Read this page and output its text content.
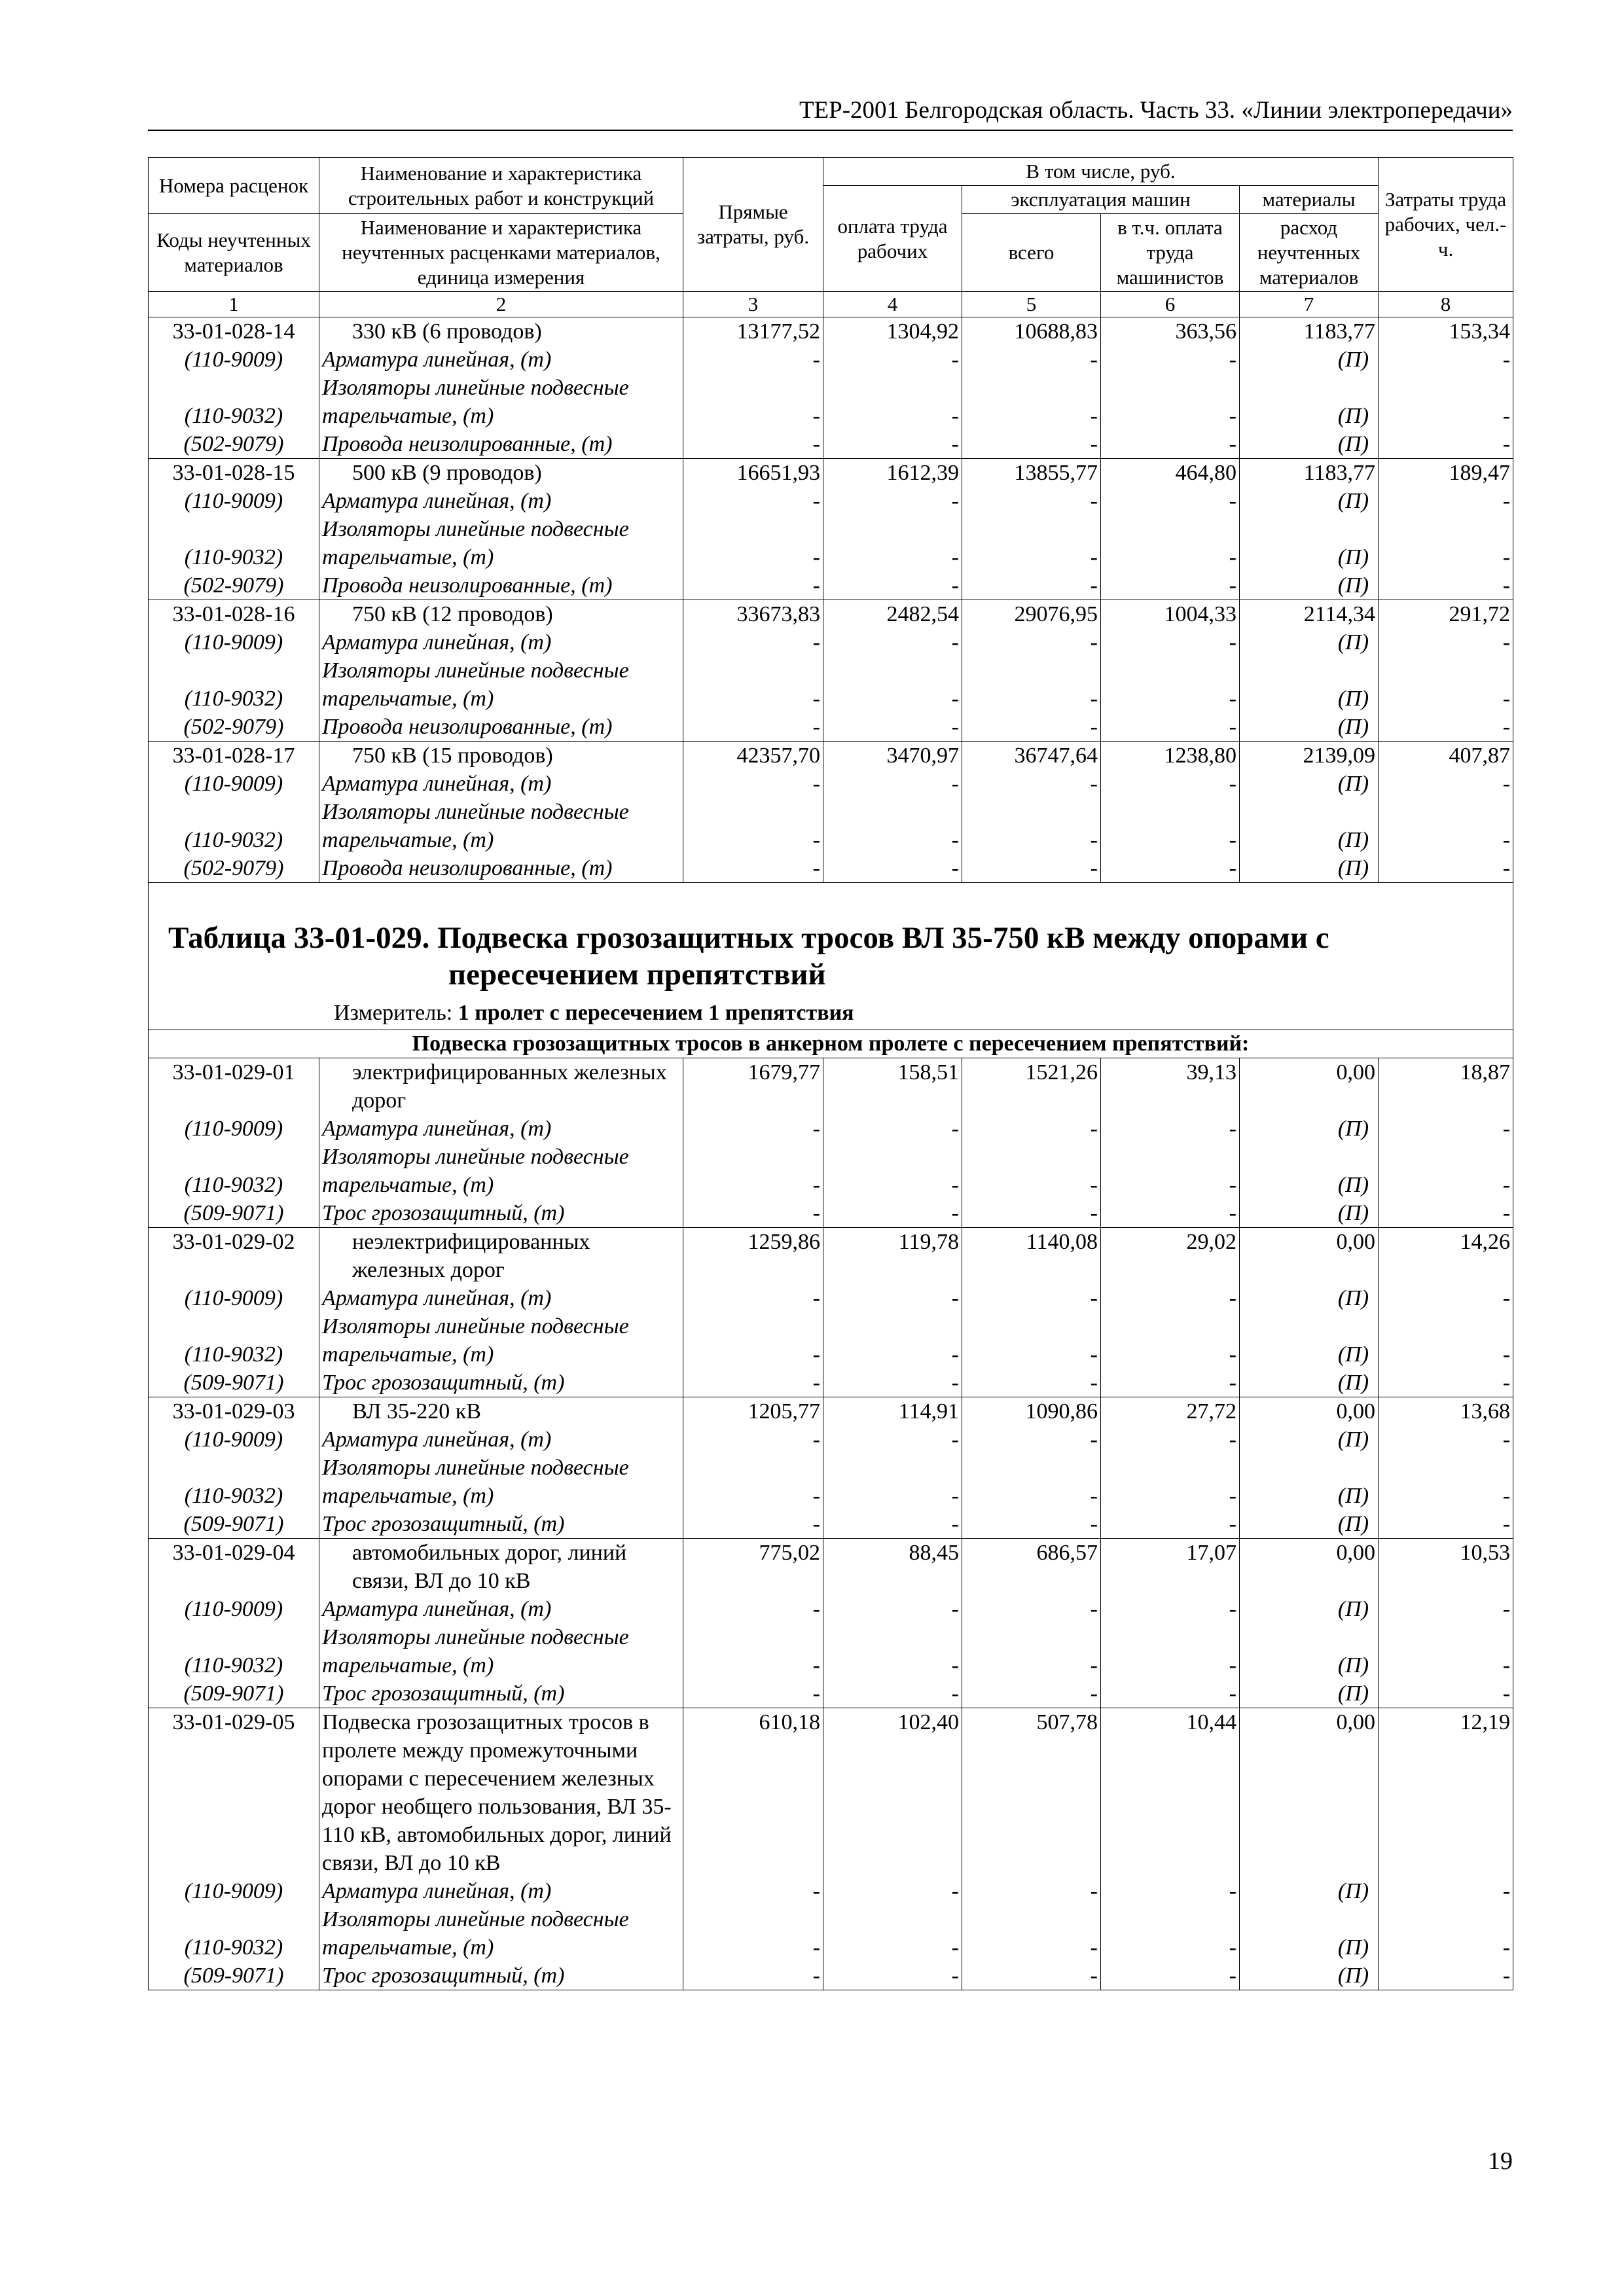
ТЕР-2001 Белгородская область. Часть 33. «Линии электропередачи»
Номера расценок	Наименование и характеристика строительных работ и конструкций	Прямые затраты, руб.	В том числе, руб.				Затраты труда рабочих, чел.-ч.
			оплата труда рабочих	эксплуатация машин		материалы	
Коды неучтенных материалов	Наименование и характеристика неучтенных расценками материалов, единица измерения			всего	в т.ч. оплата труда машинистов	расход неучтенных материалов	

1	2	3	4	5	6	7	8
33-01-028-14	330 кВ (6 проводов)	13177,52	1304,92	10688,83	363,56	1183,77	153,34
(110-9009)	Арматура линейная, (т)	-	-	-	-	(П)	-
(110-9032)	Изоляторы линейные подвесные тарельчатые, (т)	-	-	-	-	(П)	-
(502-9079)	Провода неизолированные, (т)	-	-	-	-	(П)	-
33-01-028-15	500 кВ (9 проводов)	16651,93	1612,39	13855,77	464,80	1183,77	189,47
(110-9009)	Арматура линейная, (т)	-	-	-	-	(П)	-
(110-9032)	Изоляторы линейные подвесные тарельчатые, (т)	-	-	-	-	(П)	-
(502-9079)	Провода неизолированные, (т)	-	-	-	-	(П)	-
33-01-028-16	750 кВ (12 проводов)	33673,83	2482,54	29076,95	1004,33	2114,34	291,72
(110-9009)	Арматура линейная, (т)	-	-	-	-	(П)	-
(110-9032)	Изоляторы линейные подвесные тарельчатые, (т)	-	-	-	-	(П)	-
(502-9079)	Провода неизолированные, (т)	-	-	-	-	(П)	-
33-01-028-17	750 кВ (15 проводов)	42357,70	3470,97	36747,64	1238,80	2139,09	407,87
(110-9009)	Арматура линейная, (т)	-	-	-	-	(П)	-
(110-9032)	Изоляторы линейные подвесные тарельчатые, (т)	-	-	-	-	(П)	-
(502-9079)	Провода неизолированные, (т)	-	-	-	-	(П)	-

Таблица 33-01-029. Подвеска грозозащитных тросов ВЛ 35-750 кВ между опорами с
пересечением препятствий
Измеритель: 1 пролет с пересечением 1 препятствия							

Подвеска грозозащитных тросов в анкерном пролете с пересечением препятствий:							
33-01-029-01	электрифицированных железных дорог	1679,77	158,51	1521,26	39,13	0,00	18,87
(110-9009)	Арматура линейная, (т)	-	-	-	-	(П)	-
(110-9032)	Изоляторы линейные подвесные тарельчатые, (т)	-	-	-	-	(П)	-
(509-9071)	Трос грозозащитный, (т)	-	-	-	-	(П)	-
33-01-029-02	неэлектрифицированных железных дорог	1259,86	119,78	1140,08	29,02	0,00	14,26
(110-9009)	Арматура линейная, (т)	-	-	-	-	(П)	-
(110-9032)	Изоляторы линейные подвесные тарельчатые, (т)	-	-	-	-	(П)	-
(509-9071)	Трос грозозащитный, (т)	-	-	-	-	(П)	-
33-01-029-03	ВЛ 35-220 кВ	1205,77	114,91	1090,86	27,72	0,00	13,68
(110-9009)	Арматура линейная, (т)	-	-	-	-	(П)	-
(110-9032)	Изоляторы линейные подвесные тарельчатые, (т)	-	-	-	-	(П)	-
(509-9071)	Трос грозозащитный, (т)	-	-	-	-	(П)	-
33-01-029-04	автомобильных дорог, линий связи, ВЛ до 10 кВ	775,02	88,45	686,57	17,07	0,00	10,53
(110-9009)	Арматура линейная, (т)	-	-	-	-	(П)	-
(110-9032)	Изоляторы линейные подвесные тарельчатые, (т)	-	-	-	-	(П)	-
(509-9071)	Трос грозозащитный, (т)	-	-	-	-	(П)	-
33-01-029-05	Подвеска грозозащитных тросов в пролете между промежуточными опорами с пересечением железных дорог необщего пользования, ВЛ 35-110 кВ, автомобильных дорог, линий связи, ВЛ до 10 кВ	610,18	102,40	507,78	10,44	0,00	12,19
(110-9009)	Арматура линейная, (т)	-	-	-	-	(П)	-
(110-9032)	Изоляторы линейные подвесные тарельчатые, (т)	-	-	-	-	(П)	-
(509-9071)	Трос грозозащитный, (т)	-	-	-	-	(П)	-
19
